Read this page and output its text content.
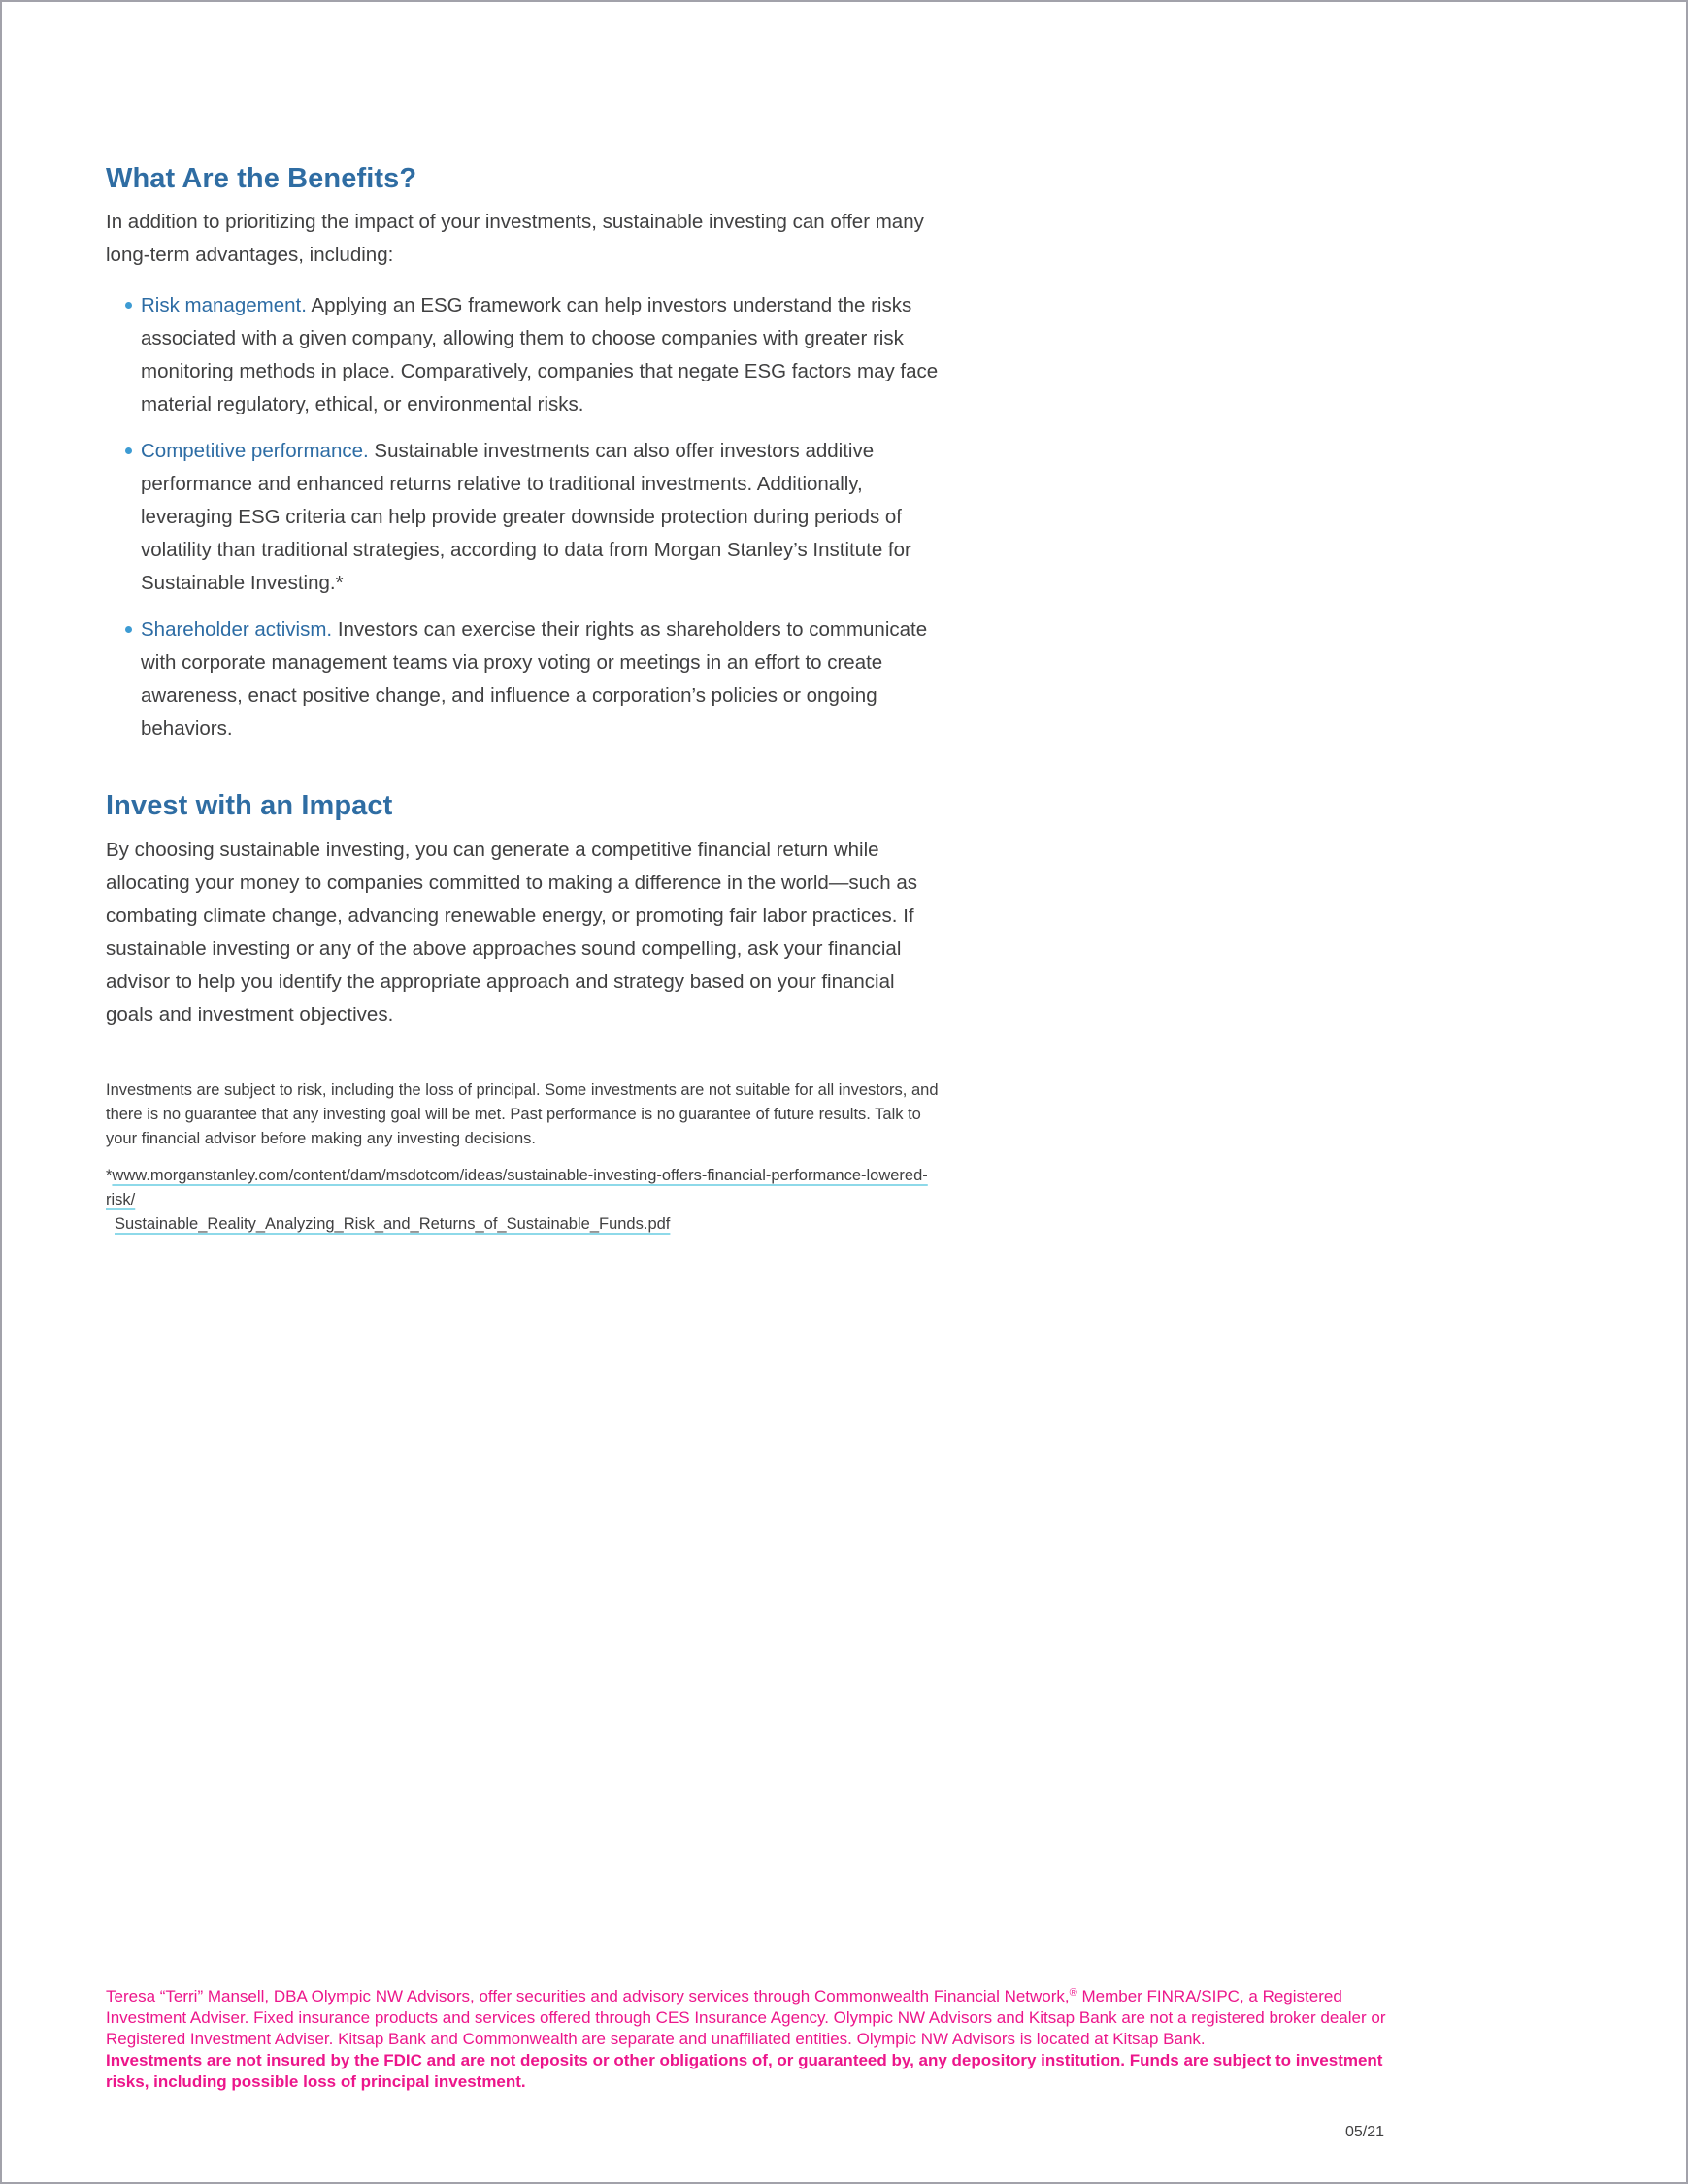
What Are the Benefits?

In addition to prioritizing the impact of your investments, sustainable investing can offer many long-term advantages, including:

Risk management. Applying an ESG framework can help investors understand the risks associated with a given company, allowing them to choose companies with greater risk monitoring methods in place. Comparatively, companies that negate ESG factors may face material regulatory, ethical, or environmental risks.
Competitive performance. Sustainable investments can also offer investors additive performance and enhanced returns relative to traditional investments. Additionally, leveraging ESG criteria can help provide greater downside protection during periods of volatility than traditional strategies, according to data from Morgan Stanley’s Institute for Sustainable Investing.*
Shareholder activism. Investors can exercise their rights as shareholders to communicate with corporate management teams via proxy voting or meetings in an effort to create awareness, enact positive change, and influence a corporation’s policies or ongoing behaviors.
Invest with an Impact

By choosing sustainable investing, you can generate a competitive financial return while allocating your money to companies committed to making a difference in the world—such as combating climate change, advancing renewable energy, or promoting fair labor practices. If sustainable investing or any of the above approaches sound compelling, ask your financial advisor to help you identify the appropriate approach and strategy based on your financial goals and investment objectives.

Investments are subject to risk, including the loss of principal. Some investments are not suitable for all investors, and there is no guarantee that any investing goal will be met. Past performance is no guarantee of future results. Talk to your financial advisor before making any investing decisions.

*www.morganstanley.com/content/dam/msdotcom/ideas/sustainable-investing-offers-financial-performance-lowered-risk/
Sustainable_Reality_Analyzing_Risk_and_Returns_of_Sustainable_Funds.pdf

Teresa “Terri” Mansell, DBA Olympic NW Advisors, offer securities and advisory services through Commonwealth Financial Network,® Member FINRA/SIPC, a Registered Investment Adviser. Fixed insurance products and services offered through CES Insurance Agency. Olympic NW Advisors and Kitsap Bank are not a registered broker dealer or Registered Investment Adviser. Kitsap Bank and Commonwealth are separate and unaffiliated entities. Olympic NW Advisors is located at Kitsap Bank.
Investments are not insured by the FDIC and are not deposits or other obligations of, or guaranteed by, any depository institution. Funds are subject to investment risks, including possible loss of principal investment.
05/21
